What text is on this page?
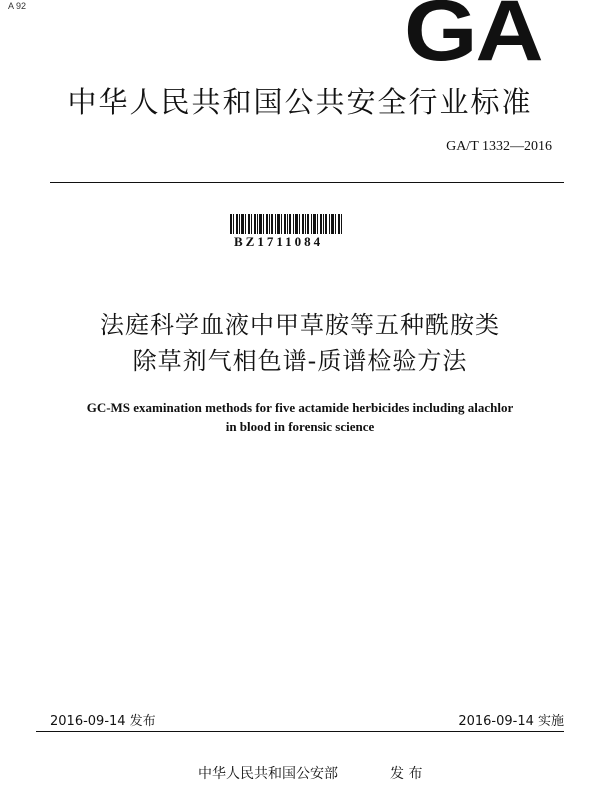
A 92	GA
中华人民共和国公共安全行业标准
GA/T 1332—2016
BZ1711084
法庭科学血液中甲草胺等五种酰胺类
除草剂气相色谱-质谱检验方法
GC-MS examination methods for five actamide herbicides including alachlor
in blood in forensic science
2016-09-14 发布	2016-09-14 实施
中华人民共和国公安部	发 布
